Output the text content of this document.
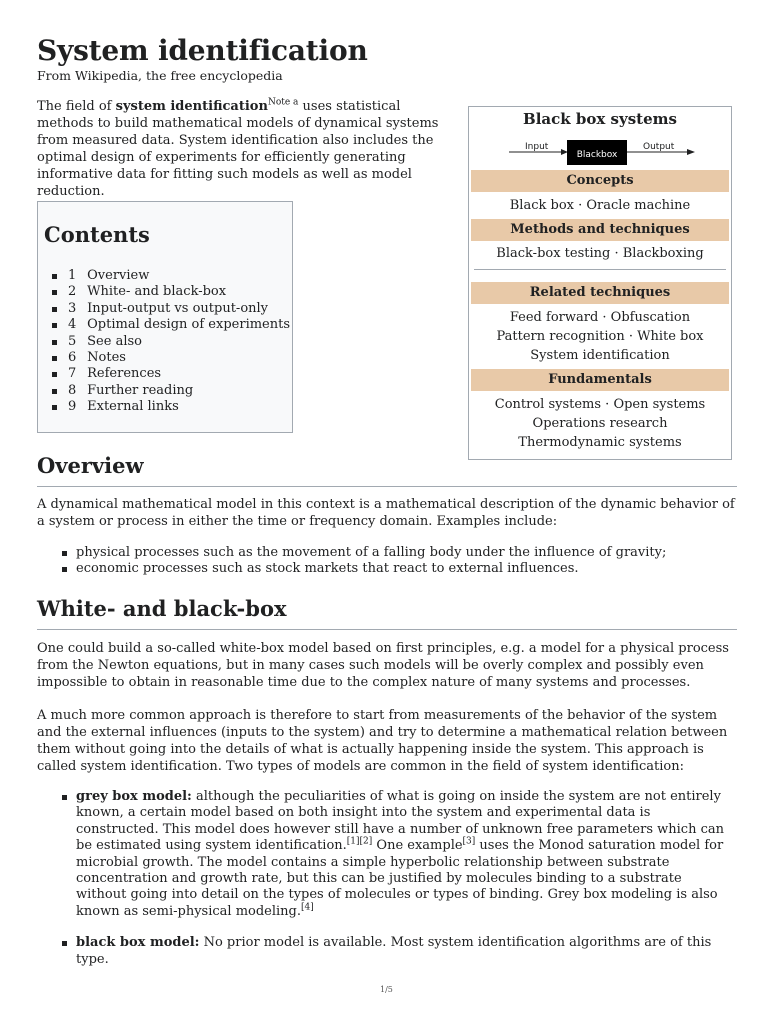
System identification
From Wikipedia, the free encyclopedia

The field of system identification$^{Note a}$ uses statistical methods to build mathematical models of dynamical systems from measured data. System identification also includes the optimal design of experiments for efficiently generating informative data for fitting such models as well as model reduction.

Contents
1 Overview
2 White- and black-box
3 Input-output vs output-only
4 Optimal design of experiments
5 See also
6 Notes
7 References
8 Further reading
9 External links
Black box systems
Input
Blackbox
Output
Concepts
Black box · Oracle machine
Methods and techniques
Black-box testing · Blackboxing
Related techniques
Feed forward · Obfuscation
Pattern recognition · White box
System identification
Fundamentals
Control systems · Open systems
Operations research
Thermodynamic systems
Overview

A dynamical mathematical model in this context is a mathematical description of the dynamic behavior of a system or process in either the time or frequency domain. Examples include:

physical processes such as the movement of a falling body under the influence of gravity;
economic processes such as stock markets that react to external influences.
White- and black-box

One could build a so-called white-box model based on first principles, e.g. a model for a physical process from the Newton equations, but in many cases such models will be overly complex and possibly even impossible to obtain in reasonable time due to the complex nature of many systems and processes.

A much more common approach is therefore to start from measurements of the behavior of the system and the external influences (inputs to the system) and try to determine a mathematical relation between them without going into the details of what is actually happening inside the system. This approach is called system identification. Two types of models are common in the field of system identification:

grey box model: although the peculiarities of what is going on inside the system are not entirely known, a certain model based on both insight into the system and experimental data is constructed. This model does however still have a number of unknown free parameters which can be estimated using system identification.[1][2] One example[3] uses the Monod saturation model for microbial growth. The model contains a simple hyperbolic relationship between substrate concentration and growth rate, but this can be justified by molecules binding to a substrate without going into detail on the types of molecules or types of binding. Grey box modeling is also known as semi-physical modeling.[4]
black box model: No prior model is available. Most system identification algorithms are of this type.
1/5
